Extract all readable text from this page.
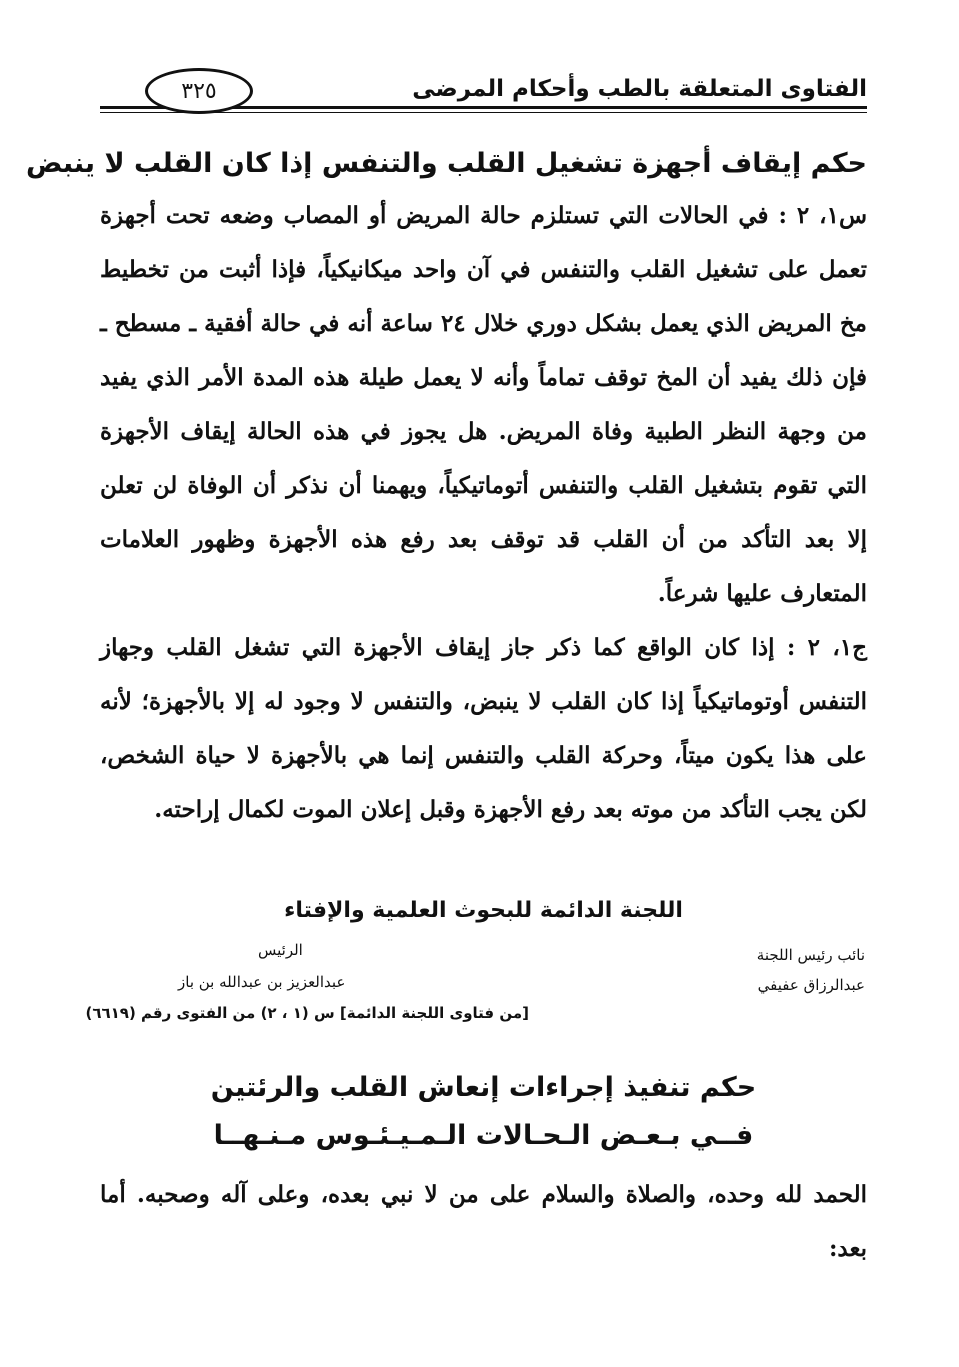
الفتاوى المتعلقة بالطب وأحكام المرضى
٣٢٥
حكم إيقاف أجهزة تشغيل القلب والتنفس إذا كان القلب لا ينبض
س١، ٢ : في الحالات التي تستلزم حالة المريض أو المصاب وضعه تحت أجهزة تعمل على تشغيل القلب والتنفس في آن واحد ميكانيكياً، فإذا أثبت من تخطيط مخ المريض الذي يعمل بشكل دوري خلال ٢٤ ساعة أنه في حالة أفقية ـ مسطح ـ فإن ذلك يفيد أن المخ توقف تماماً وأنه لا يعمل طيلة هذه المدة الأمر الذي يفيد من وجهة النظر الطبية وفاة المريض. هل يجوز في هذه الحالة إيقاف الأجهزة التي تقوم بتشغيل القلب والتنفس أتوماتيكياً، ويهمنا أن نذكر أن الوفاة لن تعلن إلا بعد التأكد من أن القلب قد توقف بعد رفع هذه الأجهزة وظهور العلامات المتعارف عليها شرعاً.
ج١، ٢ : إذا كان الواقع كما ذكر جاز إيقاف الأجهزة التي تشغل القلب وجهاز التنفس أوتوماتيكياً إذا كان القلب لا ينبض، والتنفس لا وجود له إلا بالأجهزة؛ لأنه على هذا يكون ميتاً، وحركة القلب والتنفس إنما هي بالأجهزة لا حياة الشخص، لكن يجب التأكد من موته بعد رفع الأجهزة وقبل إعلان الموت لكمال إراحته.
اللجنة الدائمة للبحوث العلمية والإفتاء
الرئيس
عبدالعزيز بن عبدالله بن باز
نائب رئيس اللجنة
عبدالرزاق عفيفي
[من فتاوى اللجنة الدائمة] س (١ ، ٢) من الفتوى رقم (٦٦١٩)
حكم تنفيذ إجراءات إنعاش القلب والرئتين
فــي بـعـض الـحـالات الـمـيـئـوس مـنـهــا
الحمد لله وحده، والصلاة والسلام على من لا نبي بعده، وعلى آله وصحبه. أما بعد:
